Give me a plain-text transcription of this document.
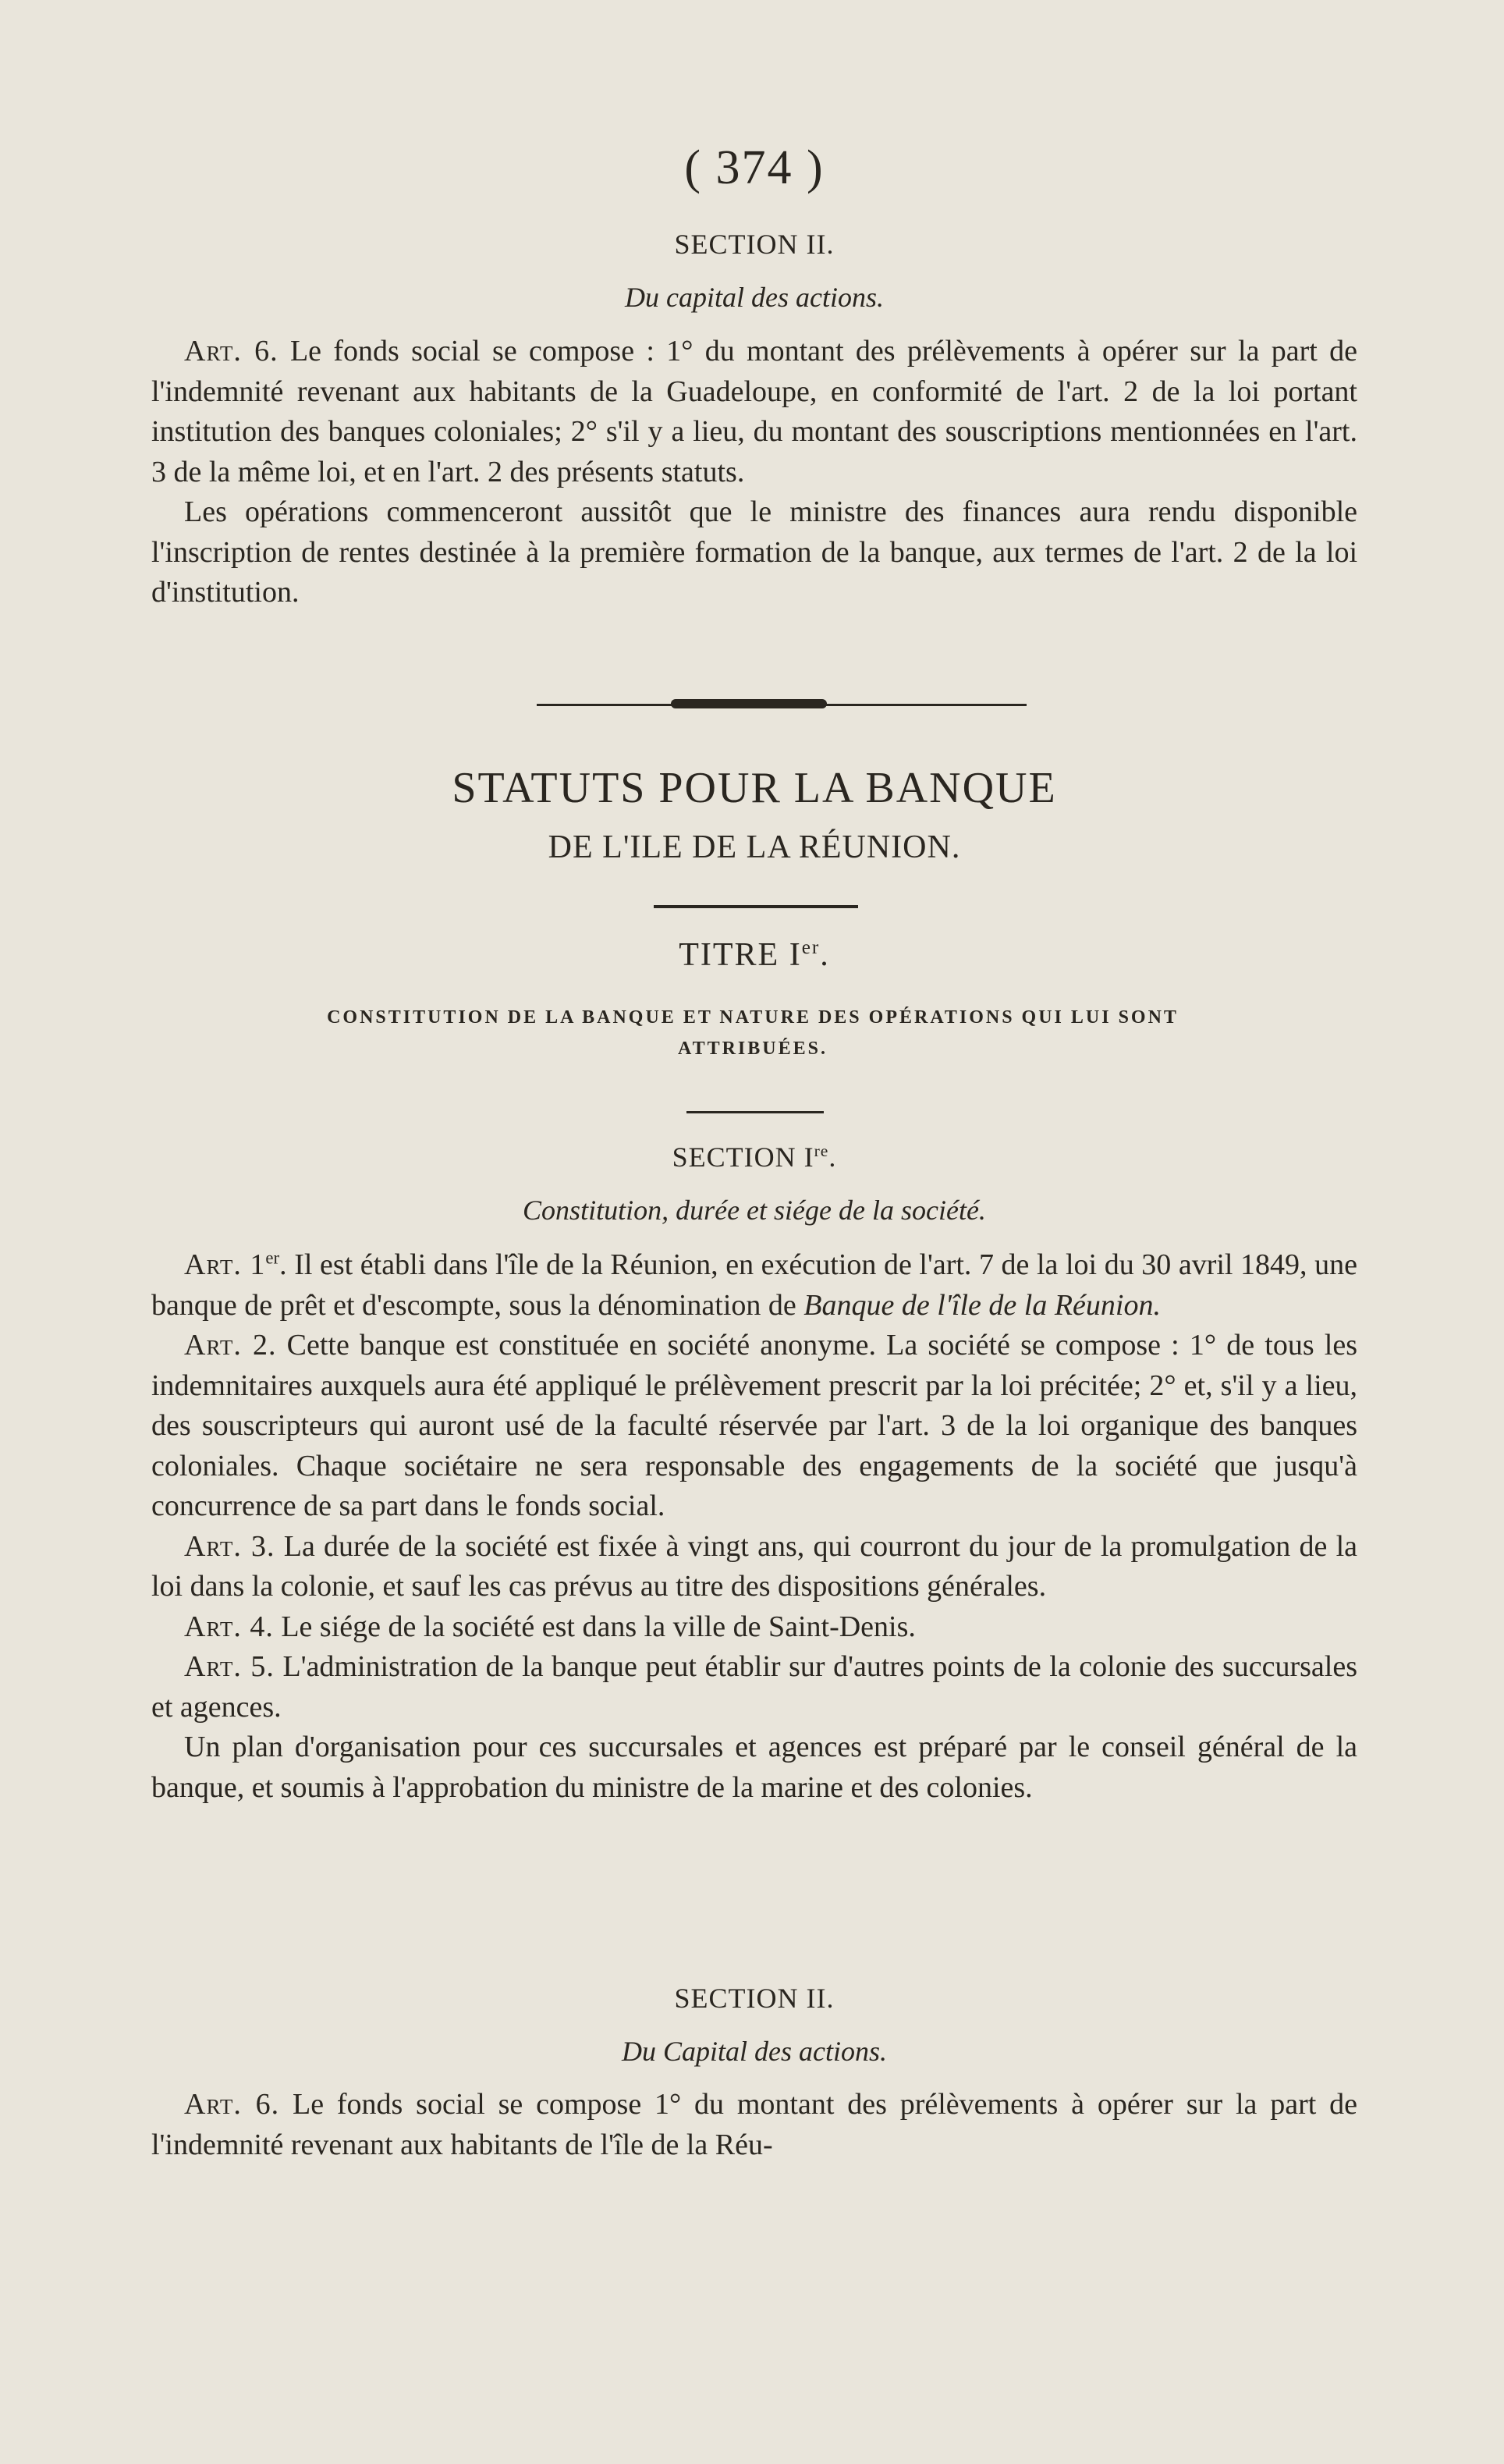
( 374 )
SECTION II.
Du capital des actions.

Art. 6. Le fonds social se compose : 1° du montant des prélèvements à opérer sur la part de l'indemnité revenant aux habitants de la Guadeloupe, en conformité de l'art. 2 de la loi portant institution des banques coloniales; 2° s'il y a lieu, du montant des souscriptions mentionnées en l'art. 3 de la même loi, et en l'art. 2 des présents statuts.

Les opérations commenceront aussitôt que le ministre des finances aura rendu disponible l'inscription de rentes destinée à la première formation de la banque, aux termes de l'art. 2 de la loi d'institution.

STATUTS POUR LA BANQUE
DE L'ILE DE LA RÉUNION.
TITRE Ier.
CONSTITUTION DE LA BANQUE ET NATURE DES OPÉRATIONS QUI LUI SONT ATTRIBUÉES.
SECTION Ire.
Constitution, durée et siége de la société.

Art. 1er. Il est établi dans l'île de la Réunion, en exécution de l'art. 7 de la loi du 30 avril 1849, une banque de prêt et d'escompte, sous la dénomination de Banque de l'île de la Réunion.

Art. 2. Cette banque est constituée en société anonyme. La société se compose : 1° de tous les indemnitaires auxquels aura été appliqué le prélèvement prescrit par la loi précitée; 2° et, s'il y a lieu, des souscripteurs qui auront usé de la faculté réservée par l'art. 3 de la loi organique des banques coloniales. Chaque sociétaire ne sera responsable des engagements de la société que jusqu'à concurrence de sa part dans le fonds social.

Art. 3. La durée de la société est fixée à vingt ans, qui courront du jour de la promulgation de la loi dans la colonie, et sauf les cas prévus au titre des dispositions générales.

Art. 4. Le siége de la société est dans la ville de Saint-Denis.

Art. 5. L'administration de la banque peut établir sur d'autres points de la colonie des succursales et agences.

Un plan d'organisation pour ces succursales et agences est préparé par le conseil général de la banque, et soumis à l'approbation du ministre de la marine et des colonies.

SECTION II.
Du Capital des actions.

Art. 6. Le fonds social se compose 1° du montant des prélèvements à opérer sur la part de l'indemnité revenant aux habitants de l'île de la Réu-
